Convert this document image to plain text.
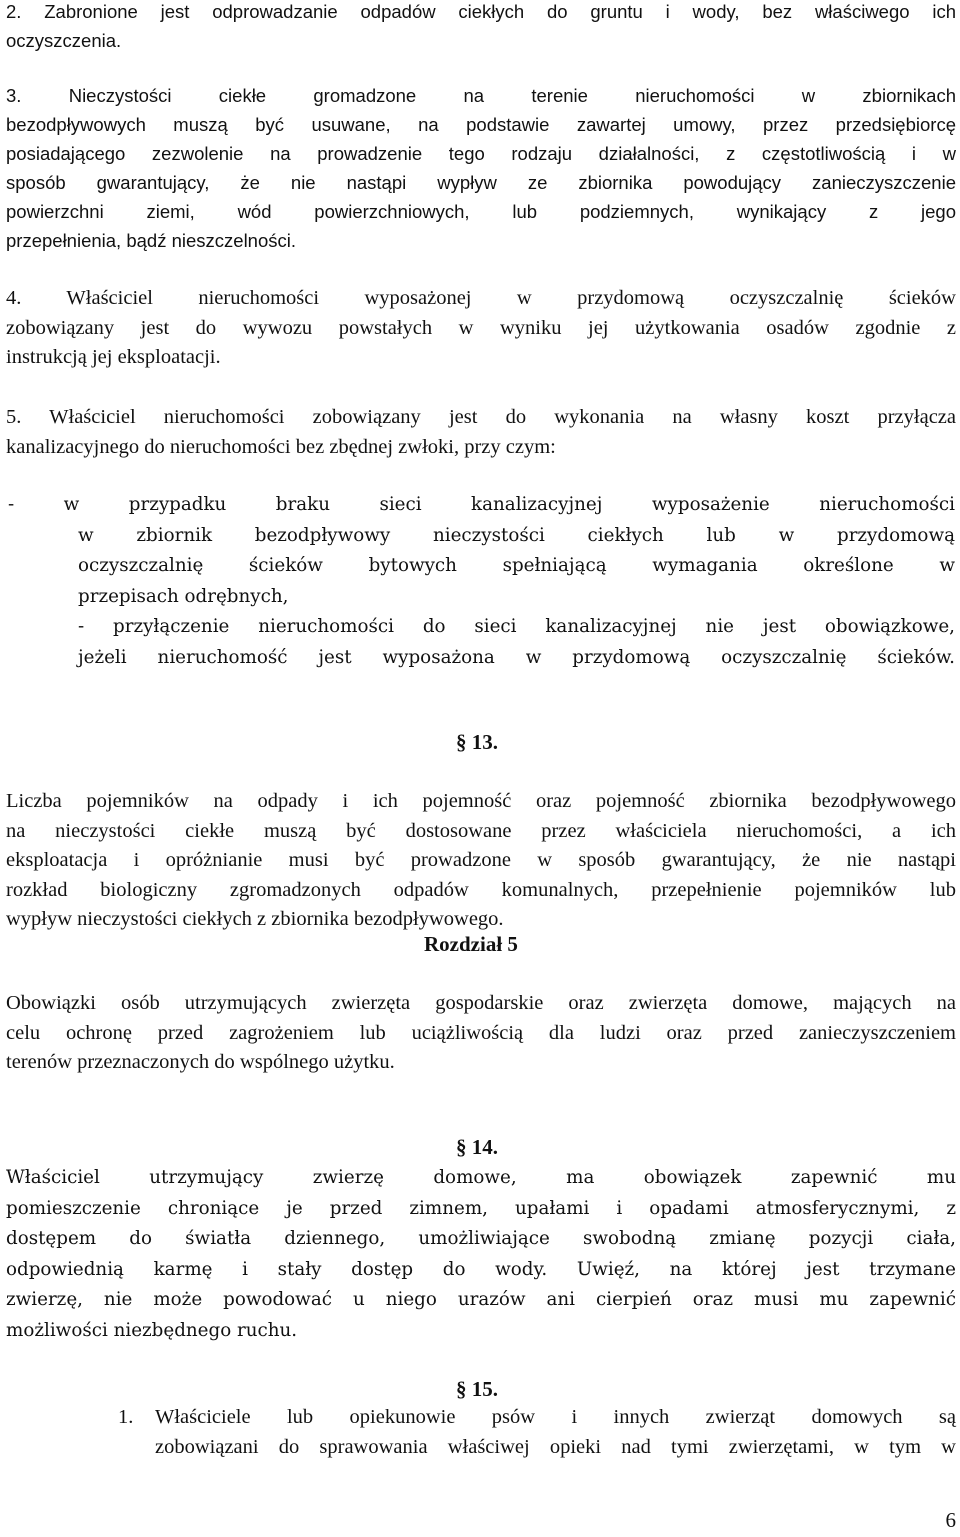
2. Zabronione jest odprowadzanie odpadów ciekłych do gruntu i wody, bez właściwego ich
oczyszczenia.
3. Nieczystości ciekłe gromadzone na terenie nieruchomości w zbiornikach
bezodpływowych muszą być usuwane, na podstawie zawartej umowy, przez przedsiębiorcę
posiadającego zezwolenie na prowadzenie tego rodzaju działalności, z częstotliwością i w
sposób gwarantujący, że nie nastąpi wypływ ze zbiornika powodujący zanieczyszczenie
powierzchni ziemi, wód powierzchniowych, lub podziemnych, wynikający z jego
przepełnienia, bądź nieszczelności.
4. Właściciel nieruchomości wyposażonej w przydomową oczyszczalnię ścieków
zobowiązany jest do wywozu powstałych w wyniku jej użytkowania osadów zgodnie z
instrukcją jej eksploatacji.
5. Właściciel nieruchomości zobowiązany jest do wykonania na własny koszt przyłącza
kanalizacyjnego do nieruchomości bez zbędnej zwłoki, przy czym:
- w przypadku braku sieci kanalizacyjnej wyposażenie nieruchomości
w zbiornik bezodpływowy nieczystości ciekłych lub w przydomową
oczyszczalnię ścieków bytowych spełniającą wymagania określone w
przepisach odrębnych,
- przyłączenie nieruchomości do sieci kanalizacyjnej nie jest obowiązkowe,
jeżeli nieruchomość jest wyposażona w przydomową oczyszczalnię ścieków.
§ 13.
Liczba pojemników na odpady i ich pojemność oraz pojemność zbiornika bezodpływowego
na nieczystości ciekłe muszą być dostosowane przez właściciela nieruchomości, a ich
eksploatacja i opróżnianie musi być prowadzone w sposób gwarantujący, że nie nastąpi
rozkład biologiczny zgromadzonych odpadów komunalnych, przepełnienie pojemników lub
wypływ nieczystości ciekłych z zbiornika bezodpływowego.
Rozdział 5
Obowiązki osób utrzymujących zwierzęta gospodarskie oraz zwierzęta domowe, mających na
celu ochronę przed zagrożeniem lub uciążliwością dla ludzi oraz przed zanieczyszczeniem
terenów przeznaczonych do wspólnego użytku.
§ 14.
Właściciel utrzymujący zwierzę domowe, ma obowiązek zapewnić mu
pomieszczenie chroniące je przed zimnem, upałami i opadami atmosferycznymi, z
dostępem do światła dziennego, umożliwiające swobodną zmianę pozycji ciała,
odpowiednią karmę i stały dostęp do wody. Uwięź, na której jest trzymane
zwierzę, nie może powodować u niego urazów ani cierpień oraz musi mu zapewnić
możliwości niezbędnego ruchu.
§ 15.
1. Właściciele lub opiekunowie psów i innych zwierząt domowych są
zobowiązani do sprawowania właściwej opieki nad tymi zwierzętami, w tym w
6
